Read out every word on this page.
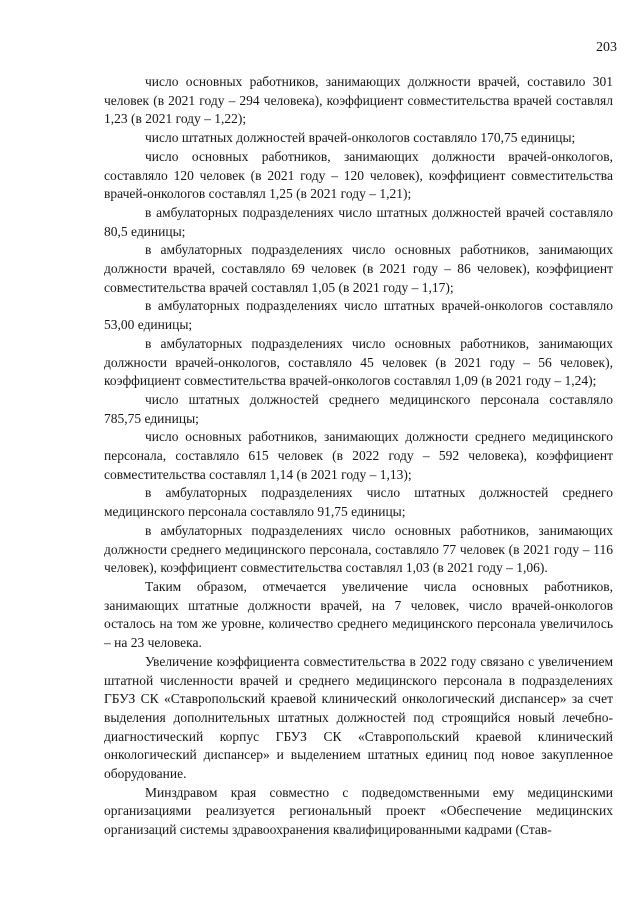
203

число основных работников, занимающих должности врачей, составило 301 человек (в 2021 году – 294 человека), коэффициент совместительства врачей составлял 1,23 (в 2021 году – 1,22);

число штатных должностей врачей-онкологов составляло 170,75 единицы;

число основных работников, занимающих должности врачей-онкологов, составляло 120 человек (в 2021 году – 120 человек), коэффициент совместительства врачей-онкологов составлял 1,25 (в 2021 году – 1,21);

в амбулаторных подразделениях число штатных должностей врачей составляло 80,5 единицы;

в амбулаторных подразделениях число основных работников, занимающих должности врачей, составляло 69 человек (в 2021 году – 86 человек), коэффициент совместительства врачей составлял 1,05 (в 2021 году – 1,17);

в амбулаторных подразделениях число штатных врачей-онкологов составляло 53,00 единицы;

в амбулаторных подразделениях число основных работников, занимающих должности врачей-онкологов, составляло 45 человек (в 2021 году – 56 человек), коэффициент совместительства врачей-онкологов составлял 1,09 (в 2021 году – 1,24);

число штатных должностей среднего медицинского персонала составляло 785,75 единицы;

число основных работников, занимающих должности среднего медицинского персонала, составляло 615 человек (в 2022 году – 592 человека), коэффициент совместительства составлял 1,14 (в 2021 году – 1,13);

в амбулаторных подразделениях число штатных должностей среднего медицинского персонала составляло 91,75 единицы;

в амбулаторных подразделениях число основных работников, занимающих должности среднего медицинского персонала, составляло 77 человек (в 2021 году – 116 человек), коэффициент совместительства составлял 1,03 (в 2021 году – 1,06).

Таким образом, отмечается увеличение числа основных работников, занимающих штатные должности врачей, на 7 человек, число врачей-онкологов осталось на том же уровне, количество среднего медицинского персонала увеличилось – на 23 человека.

Увеличение коэффициента совместительства в 2022 году связано с увеличением штатной численности врачей и среднего медицинского персонала в подразделениях ГБУЗ СК «Ставропольский краевой клинический онкологический диспансер» за счет выделения дополнительных штатных должностей под строящийся новый лечебно-диагностический корпус ГБУЗ СК «Ставропольский краевой клинический онкологический диспансер» и выделением штатных единиц под новое закупленное оборудование.

Минздравом края совместно с подведомственными ему медицинскими организациями реализуется региональный проект «Обеспечение медицинских организаций системы здравоохранения квалифицированными кадрами (Став-
